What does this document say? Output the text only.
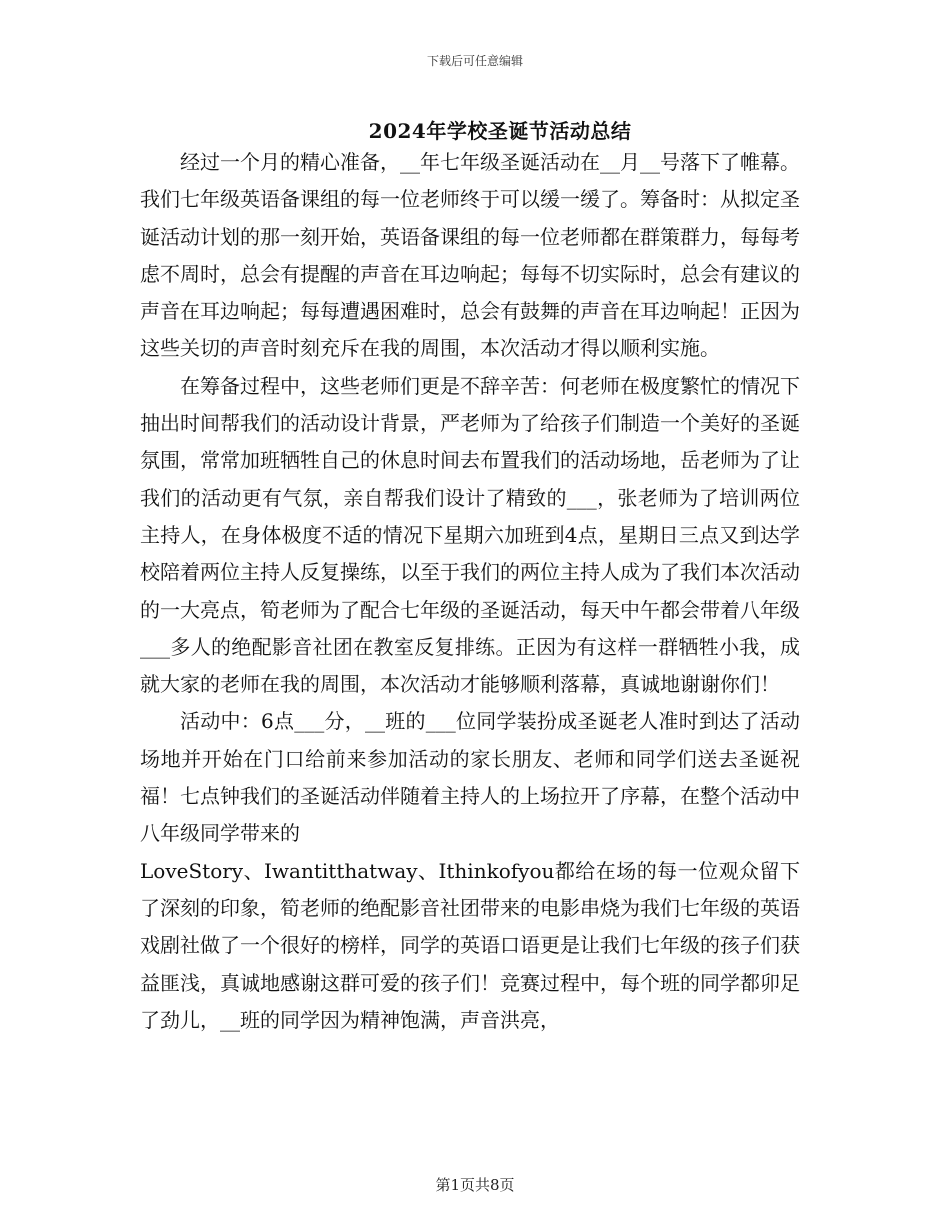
下载后可任意编辑
2024年学校圣诞节活动总结

经过一个月的精心准备，__年七年级圣诞活动在__月__号落下了帷幕。我们七年级英语备课组的每一位老师终于可以缓一缓了。筹备时：从拟定圣诞活动计划的那一刻开始，英语备课组的每一位老师都在群策群力，每每考虑不周时，总会有提醒的声音在耳边响起；每每不切实际时，总会有建议的声音在耳边响起；每每遭遇困难时，总会有鼓舞的声音在耳边响起！正因为这些关切的声音时刻充斥在我的周围，本次活动才得以顺利实施。

在筹备过程中，这些老师们更是不辞辛苦：何老师在极度繁忙的情况下抽出时间帮我们的活动设计背景，严老师为了给孩子们制造一个美好的圣诞氛围，常常加班牺牲自己的休息时间去布置我们的活动场地，岳老师为了让我们的活动更有气氛，亲自帮我们设计了精致的___，张老师为了培训两位主持人，在身体极度不适的情况下星期六加班到4点，星期日三点又到达学校陪着两位主持人反复操练，以至于我们的两位主持人成为了我们本次活动的一大亮点，筍老师为了配合七年级的圣诞活动，每天中午都会带着八年级___多人的绝配影音社团在教室反复排练。正因为有这样一群牺牲小我，成就大家的老师在我的周围，本次活动才能够顺利落幕，真诚地谢谢你们！

活动中：6点___分，__班的___位同学装扮成圣诞老人准时到达了活动场地并开始在门口给前来参加活动的家长朋友、老师和同学们送去圣诞祝福！七点钟我们的圣诞活动伴随着主持人的上场拉开了序幕，在整个活动中八年级同学带来的

LoveStory、Iwantitthatway、Ithinkofyou都给在场的每一位观众留下了深刻的印象，筍老师的绝配影音社团带来的电影串烧为我们七年级的英语戏剧社做了一个很好的榜样，同学的英语口语更是让我们七年级的孩子们获益匪浅，真诚地感谢这群可爱的孩子们！竞赛过程中，每个班的同学都卯足了劲儿，__班的同学因为精神饱满，声音洪亮，

第1页共8页
